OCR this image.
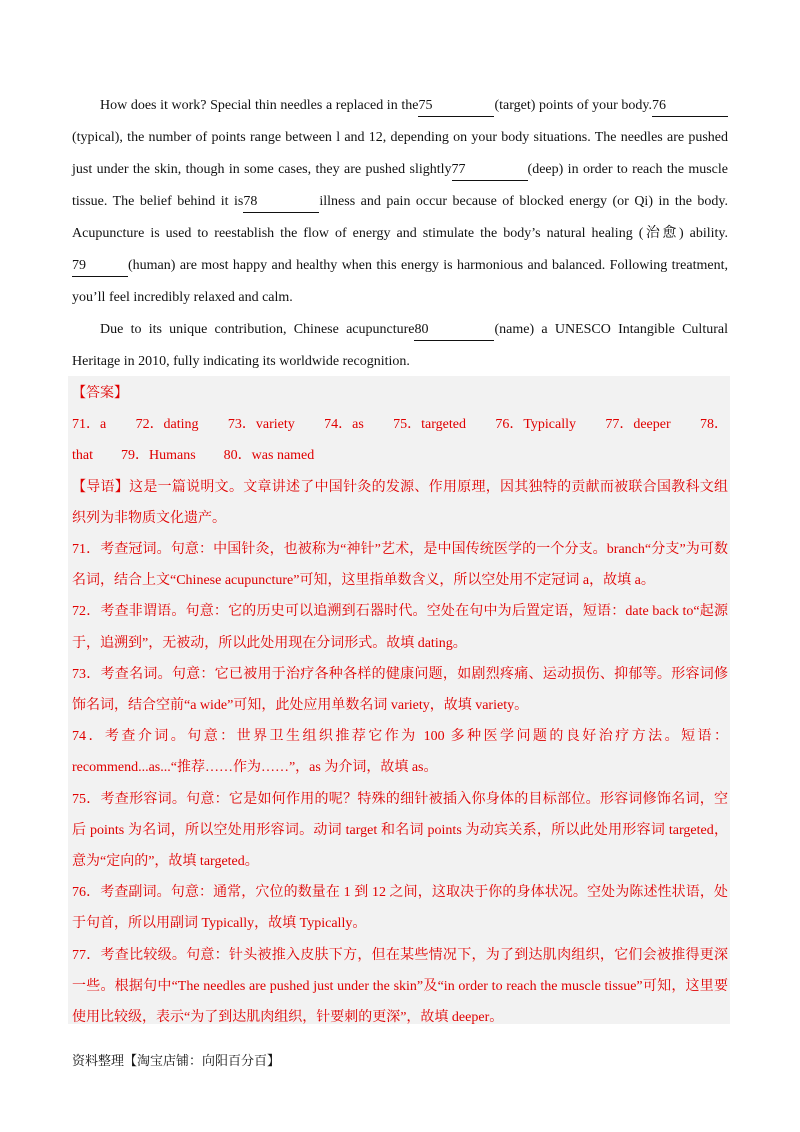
How does it work? Special thin needles a replaced in the75	(target) points of your body.76(typical), the number of points range between l and 12, depending on your body situations. The needles are pushed just under the skin, though in some cases, they are pushed slightly77	(deep) in order to reach the muscle tissue. The belief behind it is78	illness and pain occur because of blocked energy (or Qi) in the body. Acupuncture is used to reestablish the flow of energy and stimulate the body’s natural healing (治愈) ability.79	(human) are most happy and healthy when this energy is harmonious and balanced. Following treatment, you’ll feel incredibly relaxed and calm.

Due to its unique contribution, Chinese acupuncture80	(name) a UNESCO Intangible Cultural Heritage in 2010, fully indicating its worldwide recognition.

【答案】

71．a 72．dating 73．variety 74．as 75．targeted 76．Typically 77．deeper 78．
that 79．Humans 80．was named

【导语】这是一篇说明文。文章讲述了中国针灸的发源、作用原理，因其独特的贡献而被联合国教科文组织列为非物质文化遗产。

71．考查冠词。句意：中国针灸，也被称为“神针”艺术，是中国传统医学的一个分支。branch“分支”为可数名词，结合上文“Chinese acupuncture”可知，这里指单数含义，所以空处用不定冠词 a，故填 a。

72．考查非谓语。句意：它的历史可以追溯到石器时代。空处在句中为后置定语，短语：date back to“起源于，追溯到”，无被动，所以此处用现在分词形式。故填 dating。

73．考查名词。句意：它已被用于治疗各种各样的健康问题，如剧烈疼痛、运动损伤、抑郁等。形容词修饰名词，结合空前“a wide”可知，此处应用单数名词 variety，故填 variety。

74．考查介词。句意：世界卫生组织推荐它作为 100 多种医学问题的良好治疗方法。短语：recommend...as...“推荐……作为……”，as 为介词，故填 as。

75．考查形容词。句意：它是如何作用的呢？特殊的细针被插入你身体的目标部位。形容词修饰名词，空后 points 为名词，所以空处用形容词。动词 target 和名词 points 为动宾关系，所以此处用形容词 targeted，意为“定向的”，故填 targeted。

76．考查副词。句意：通常，穴位的数量在 1 到 12 之间，这取决于你的身体状况。空处为陈述性状语，处于句首，所以用副词 Typically，故填 Typically。

77．考查比较级。句意：针头被推入皮肤下方，但在某些情况下，为了到达肌肉组织，它们会被推得更深一些。根据句中“The needles are pushed just under the skin”及“in order to reach the muscle tissue”可知，这里要使用比较级，表示“为了到达肌肉组织，针要刺的更深”，故填 deeper。

资料整理【淘宝店铺：向阳百分百】
